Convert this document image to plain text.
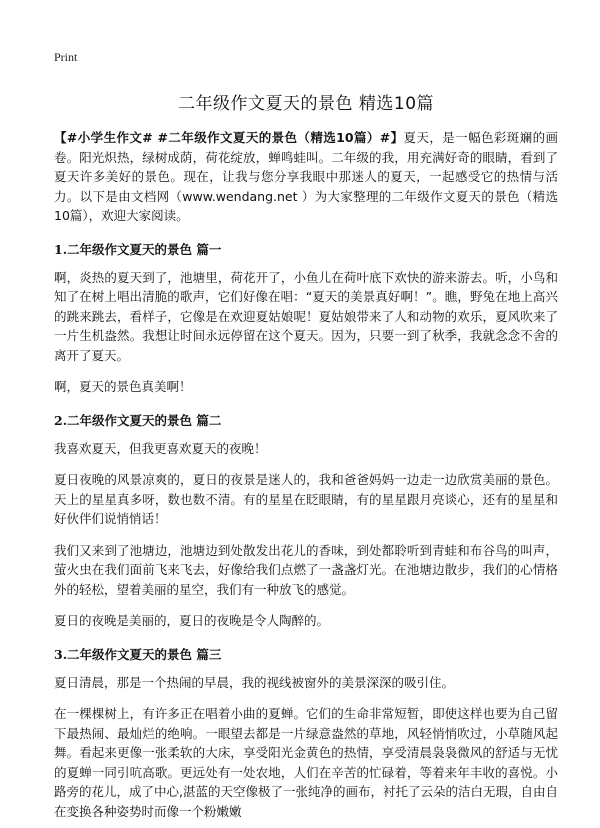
Print
二年级作文夏天的景色 精选10篇

【#小学生作文# #二年级作文夏天的景色（精选10篇）#】夏天，是一幅色彩斑斓的画卷。阳光炽热，绿树成荫，荷花绽放，蝉鸣蛙叫。二年级的我，用充满好奇的眼睛，看到了夏天许多美好的景色。现在，让我与您分享我眼中那迷人的夏天，一起感受它的热情与活力。以下是由文档网（www.wendang.net ）为大家整理的二年级作文夏天的景色（精选10篇），欢迎大家阅读。

1.二年级作文夏天的景色 篇一

啊，炎热的夏天到了，池塘里，荷花开了，小鱼儿在荷叶底下欢快的游来游去。听，小鸟和知了在树上唱出清脆的歌声，它们好像在唱：“夏天的美景真好啊！”。瞧，野兔在地上高兴的跳来跳去，看样子，它像是在欢迎夏姑娘呢！夏姑娘带来了人和动物的欢乐，夏风吹来了一片生机盎然。我想让时间永远停留在这个夏天。因为，只要一到了秋季，我就念念不舍的离开了夏天。

啊，夏天的景色真美啊！

2.二年级作文夏天的景色 篇二

我喜欢夏天，但我更喜欢夏天的夜晚！

夏日夜晚的风景凉爽的，夏日的夜景是迷人的，我和爸爸妈妈一边走一边欣赏美丽的景色。天上的星星真多呀，数也数不清。有的星星在眨眼睛，有的星星跟月亮谈心，还有的星星和好伙伴们说悄悄话！

我们又来到了池塘边，池塘边到处散发出花儿的香味，到处都聆听到青蛙和布谷鸟的叫声，萤火虫在我们面前飞来飞去，好像给我们点燃了一盏盏灯光。在池塘边散步，我们的心情格外的轻松，望着美丽的星空，我们有一种放飞的感觉。

夏日的夜晚是美丽的，夏日的夜晚是令人陶醉的。

3.二年级作文夏天的景色 篇三

夏日清晨，那是一个热闹的早晨，我的视线被窗外的美景深深的吸引住。

在一棵棵树上，有许多正在唱着小曲的夏蝉。它们的生命非常短暂，即使这样也要为自己留下最热闹、最灿烂的绝响。一眼望去都是一片绿意盎然的草地，风轻悄悄吹过，小草随风起舞。看起来更像一张柔软的大床，享受阳光金黄色的热情，享受清晨袅袅微风的舒适与无忧的夏蝉一同引吭高歌。更远处有一处农地，人们在辛苦的忙碌着，等着来年丰收的喜悦。小路旁的花儿，成了中心,湛蓝的天空像极了一张纯净的画布，衬托了云朵的洁白无瑕，自由自在变换各种姿势时而像一个粉嫩嫩
